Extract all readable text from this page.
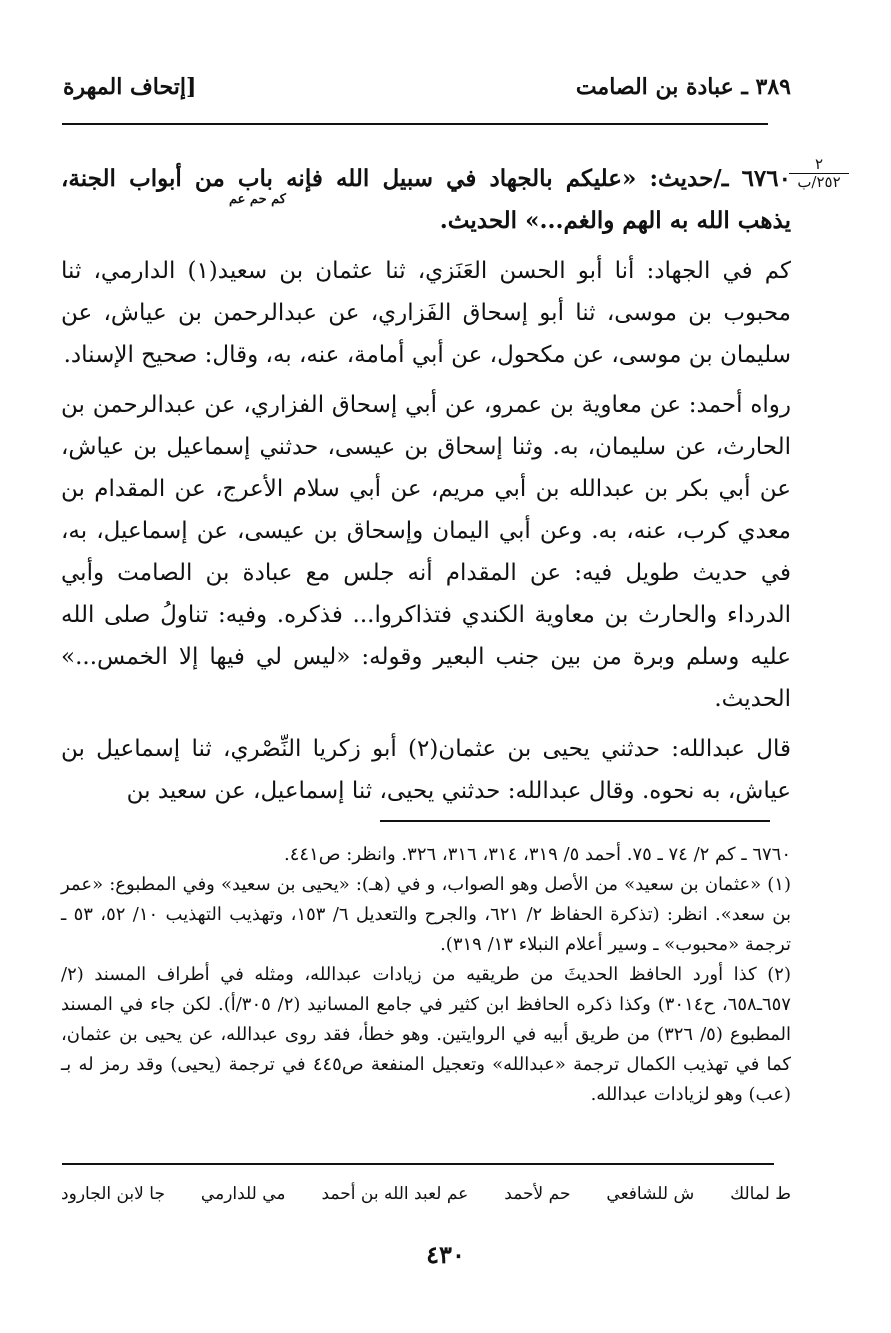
٣٨٩ ـ عبادة بن الصامت
[إتحاف المهرة
٢
٢٥٢/ب

٦٧٦٠ ـ/حديث: «عليكم بالجهاد في سبيل الله فإنه باب من أبواب الجنة، يذهب الله به الهم والغم...» الحديث.

كم في الجهاد: أنا أبو الحسن العَنَزي، ثنا عثمان بن سعيد(١) الدارمي، ثنا محبوب بن موسى، ثنا أبو إسحاق الفَزاري، عن عبدالرحمن بن عياش، عن سليمان بن موسى، عن مكحول، عن أبي أمامة، عنه، به، وقال: صحيح الإسناد.

رواه أحمد: عن معاوية بن عمرو، عن أبي إسحاق الفزاري، عن عبدالرحمن بن الحارث، عن سليمان، به. وثنا إسحاق بن عيسى، حدثني إسماعيل بن عياش، عن أبي بكر بن عبدالله بن أبي مريم، عن أبي سلام الأعرج، عن المقدام بن معدي كرب، عنه، به. وعن أبي اليمان وإسحاق بن عيسى، عن إسماعيل، به، في حديث طويل فيه: عن المقدام أنه جلس مع عبادة بن الصامت وأبي الدرداء والحارث بن معاوية الكندي فتذاكروا... فذكره. وفيه: تناولُ صلى الله عليه وسلم وبرة من بين جنب البعير وقوله: «ليس لي فيها إلا الخمس...» الحديث.

قال عبدالله: حدثني يحيى بن عثمان(٢) أبو زكريا النِّصْري، ثنا إسماعيل بن عياش، به نحوه. وقال عبدالله: حدثني يحيى، ثنا إسماعيل، عن سعيد بن

كم حم عم

٦٧٦٠ ـ كم ٢/ ٧٤ ـ ٧٥. أحمد ٥/ ٣١٩، ٣١٤، ٣١٦، ٣٢٦. وانظر: ص٤٤١.

(١) «عثمان بن سعيد» من الأصل وهو الصواب، و في (هـ): «يحيى بن سعيد» وفي المطبوع: «عمر بن سعد». انظر: (تذكرة الحفاظ ٢/ ٦٢١، والجرح والتعديل ٦/ ١٥٣، وتهذيب التهذيب ١٠/ ٥٢، ٥٣ ـ ترجمة «محبوب» ـ وسير أعلام النبلاء ١٣/ ٣١٩).

(٢) كذا أورد الحافظ الحديثَ من طريقيه من زيادات عبدالله، ومثله في أطراف المسند (٢/ ٦٥٧ـ٦٥٨، ح٣٠١٤) وكذا ذكره الحافظ ابن كثير في جامع المسانيد (٢/ ٣٠٥/أ). لكن جاء في المسند المطبوع (٥/ ٣٢٦) من طريق أبيه في الروايتين. وهو خطأ، فقد روى عبدالله، عن يحيى بن عثمان، كما في تهذيب الكمال ترجمة «عبدالله» وتعجيل المنفعة ص٤٤٥ في ترجمة (يحيى) وقد رمز له بـ (عب) وهو لزيادات عبدالله.

ط لمالك
ش للشافعي
حم لأحمد
عم لعبد الله بن أحمد
مي للدارمي
جا لابن الجارود
٤٣٠
